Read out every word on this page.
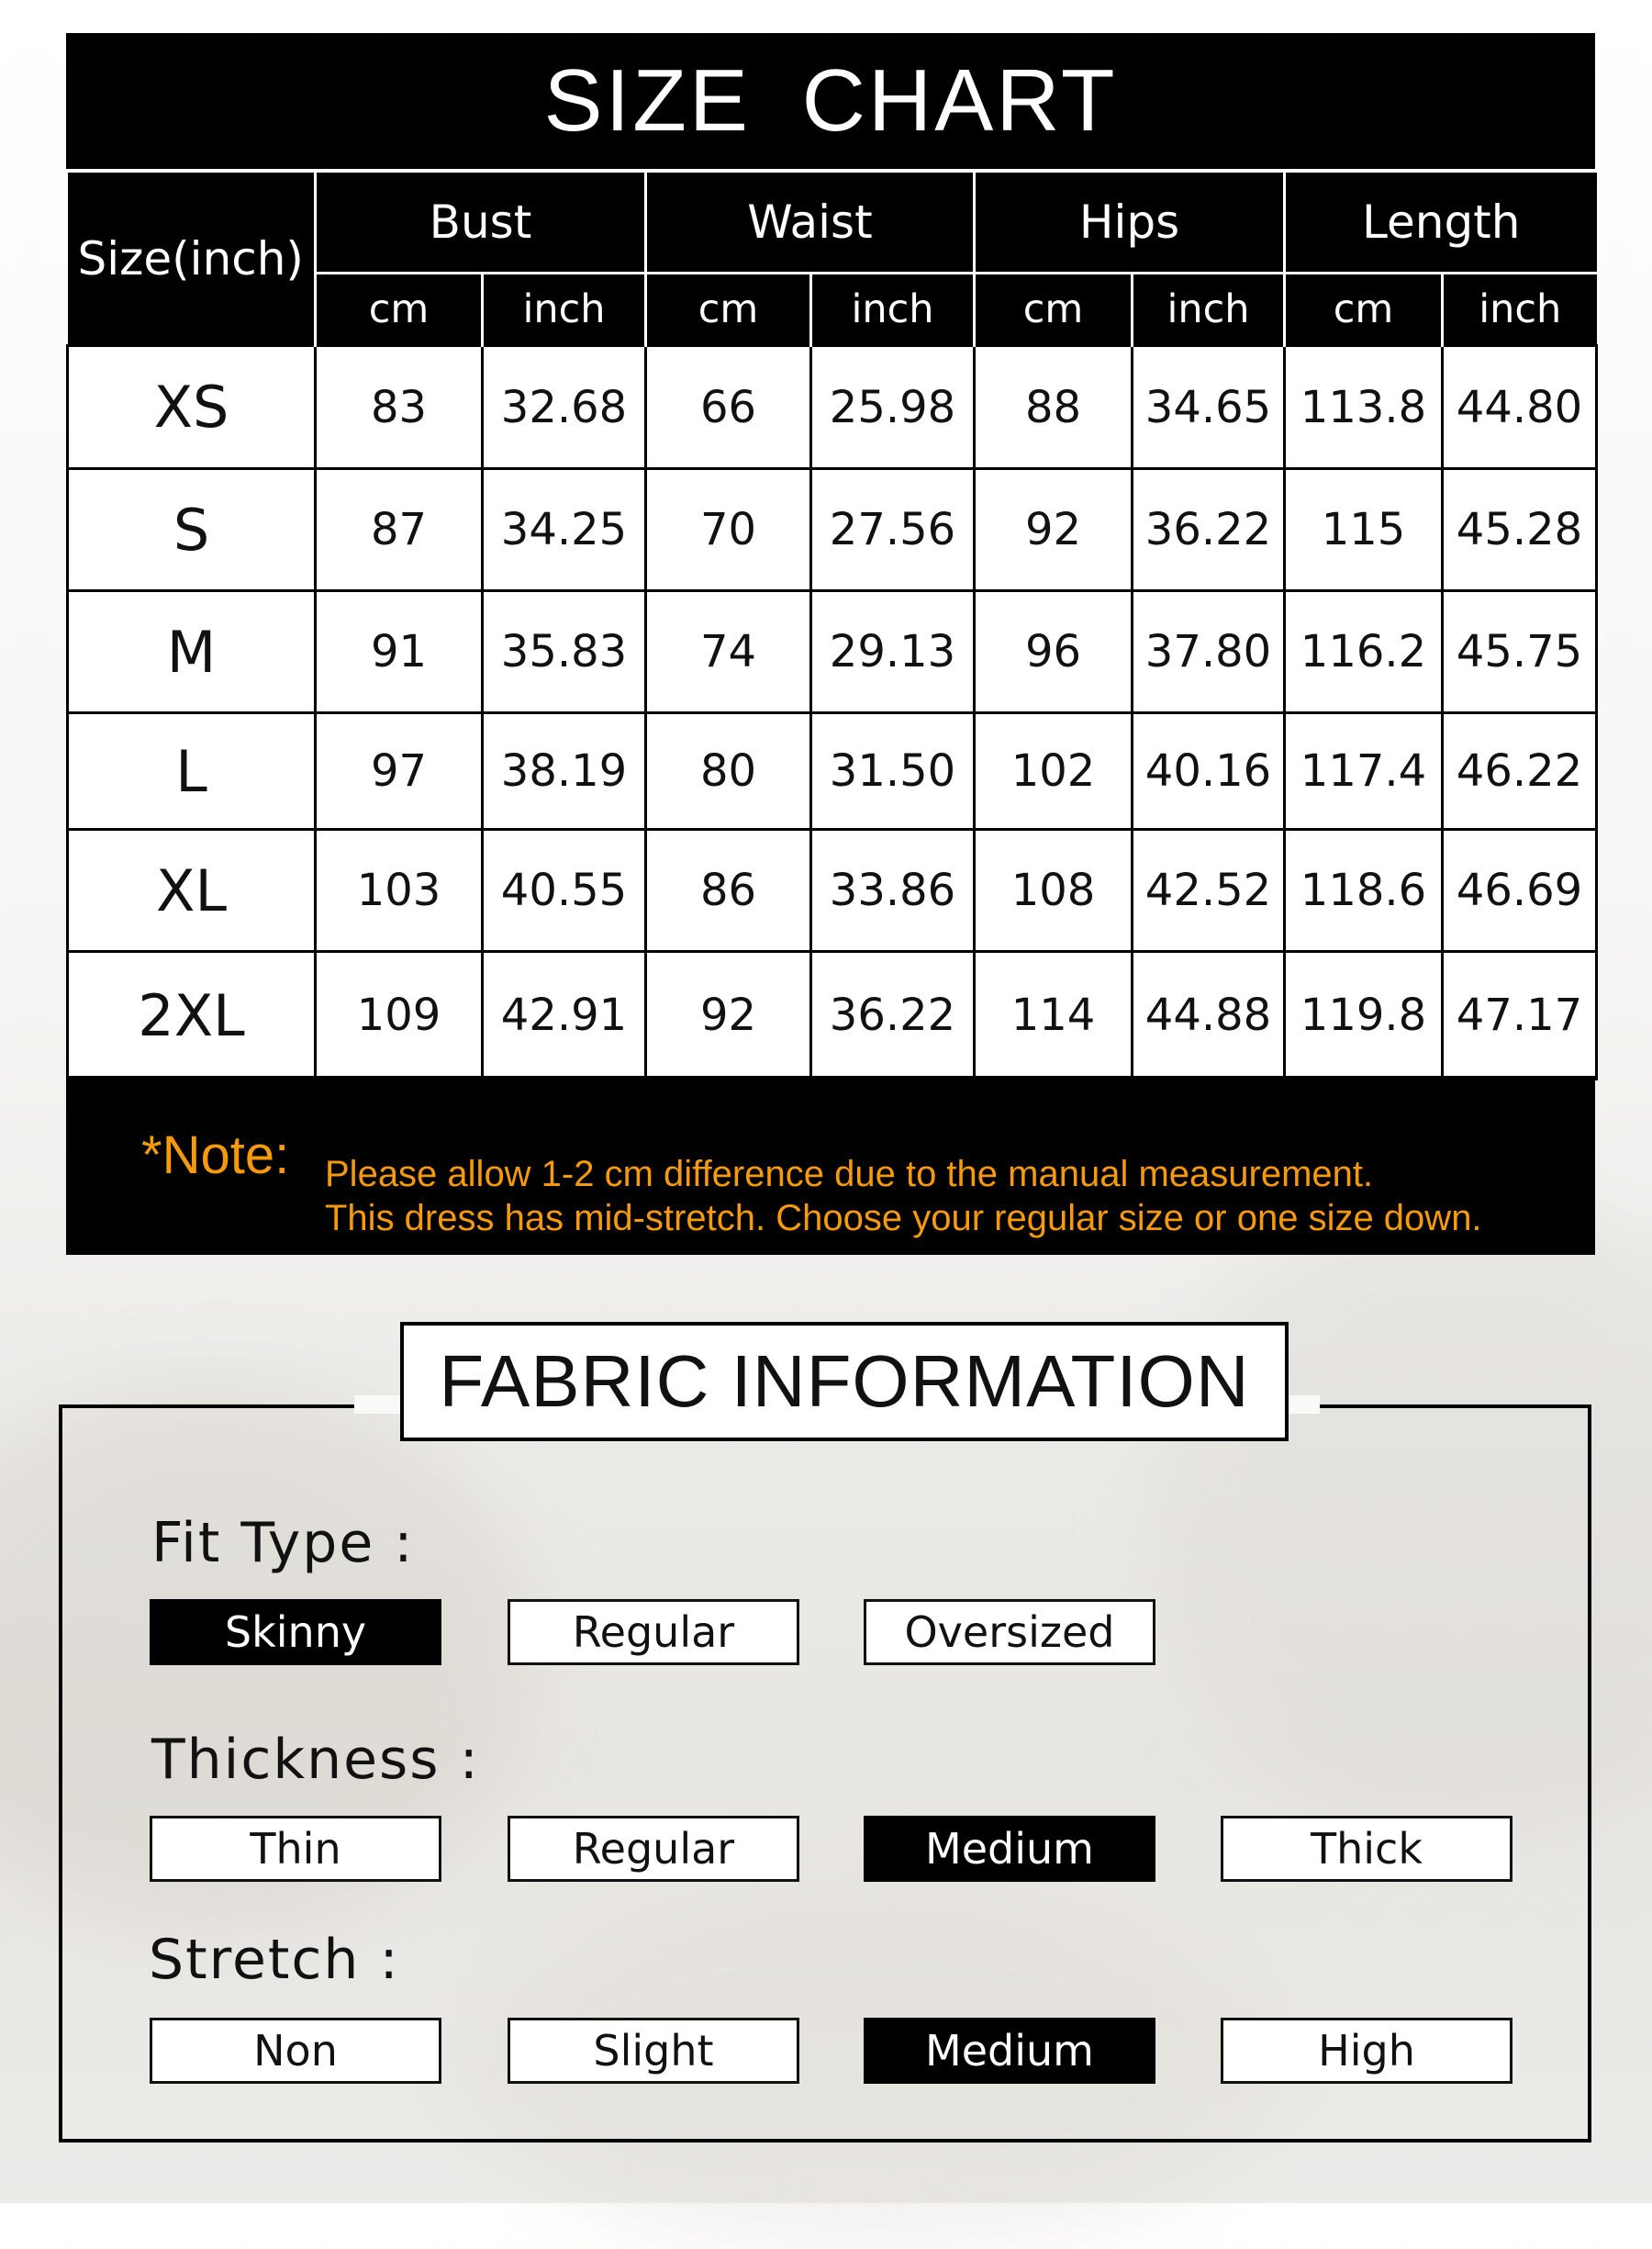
SIZE CHART
Size(inch)	Bust		Waist		Hips		Length	
	cm	inch	cm	inch	cm	inch	cm	inch
XS	83	32.68	66	25.98	88	34.65	113.8	44.80
S	87	34.25	70	27.56	92	36.22	115	45.28
M	91	35.83	74	29.13	96	37.80	116.2	45.75
L	97	38.19	80	31.50	102	40.16	117.4	46.22
XL	103	40.55	86	33.86	108	42.52	118.6	46.69
2XL	109	42.91	92	36.22	114	44.88	119.8	47.17
*Note: Please allow 1-2 cm difference due to the manual measurement.
This dress has mid-stretch. Choose your regular size or one size down.
FABRIC INFORMATION
Fit Type :
Skinny	Regular	Oversized
Thickness :
Thin	Regular	Medium	Thick
Stretch :
Non	Slight	Medium	High
